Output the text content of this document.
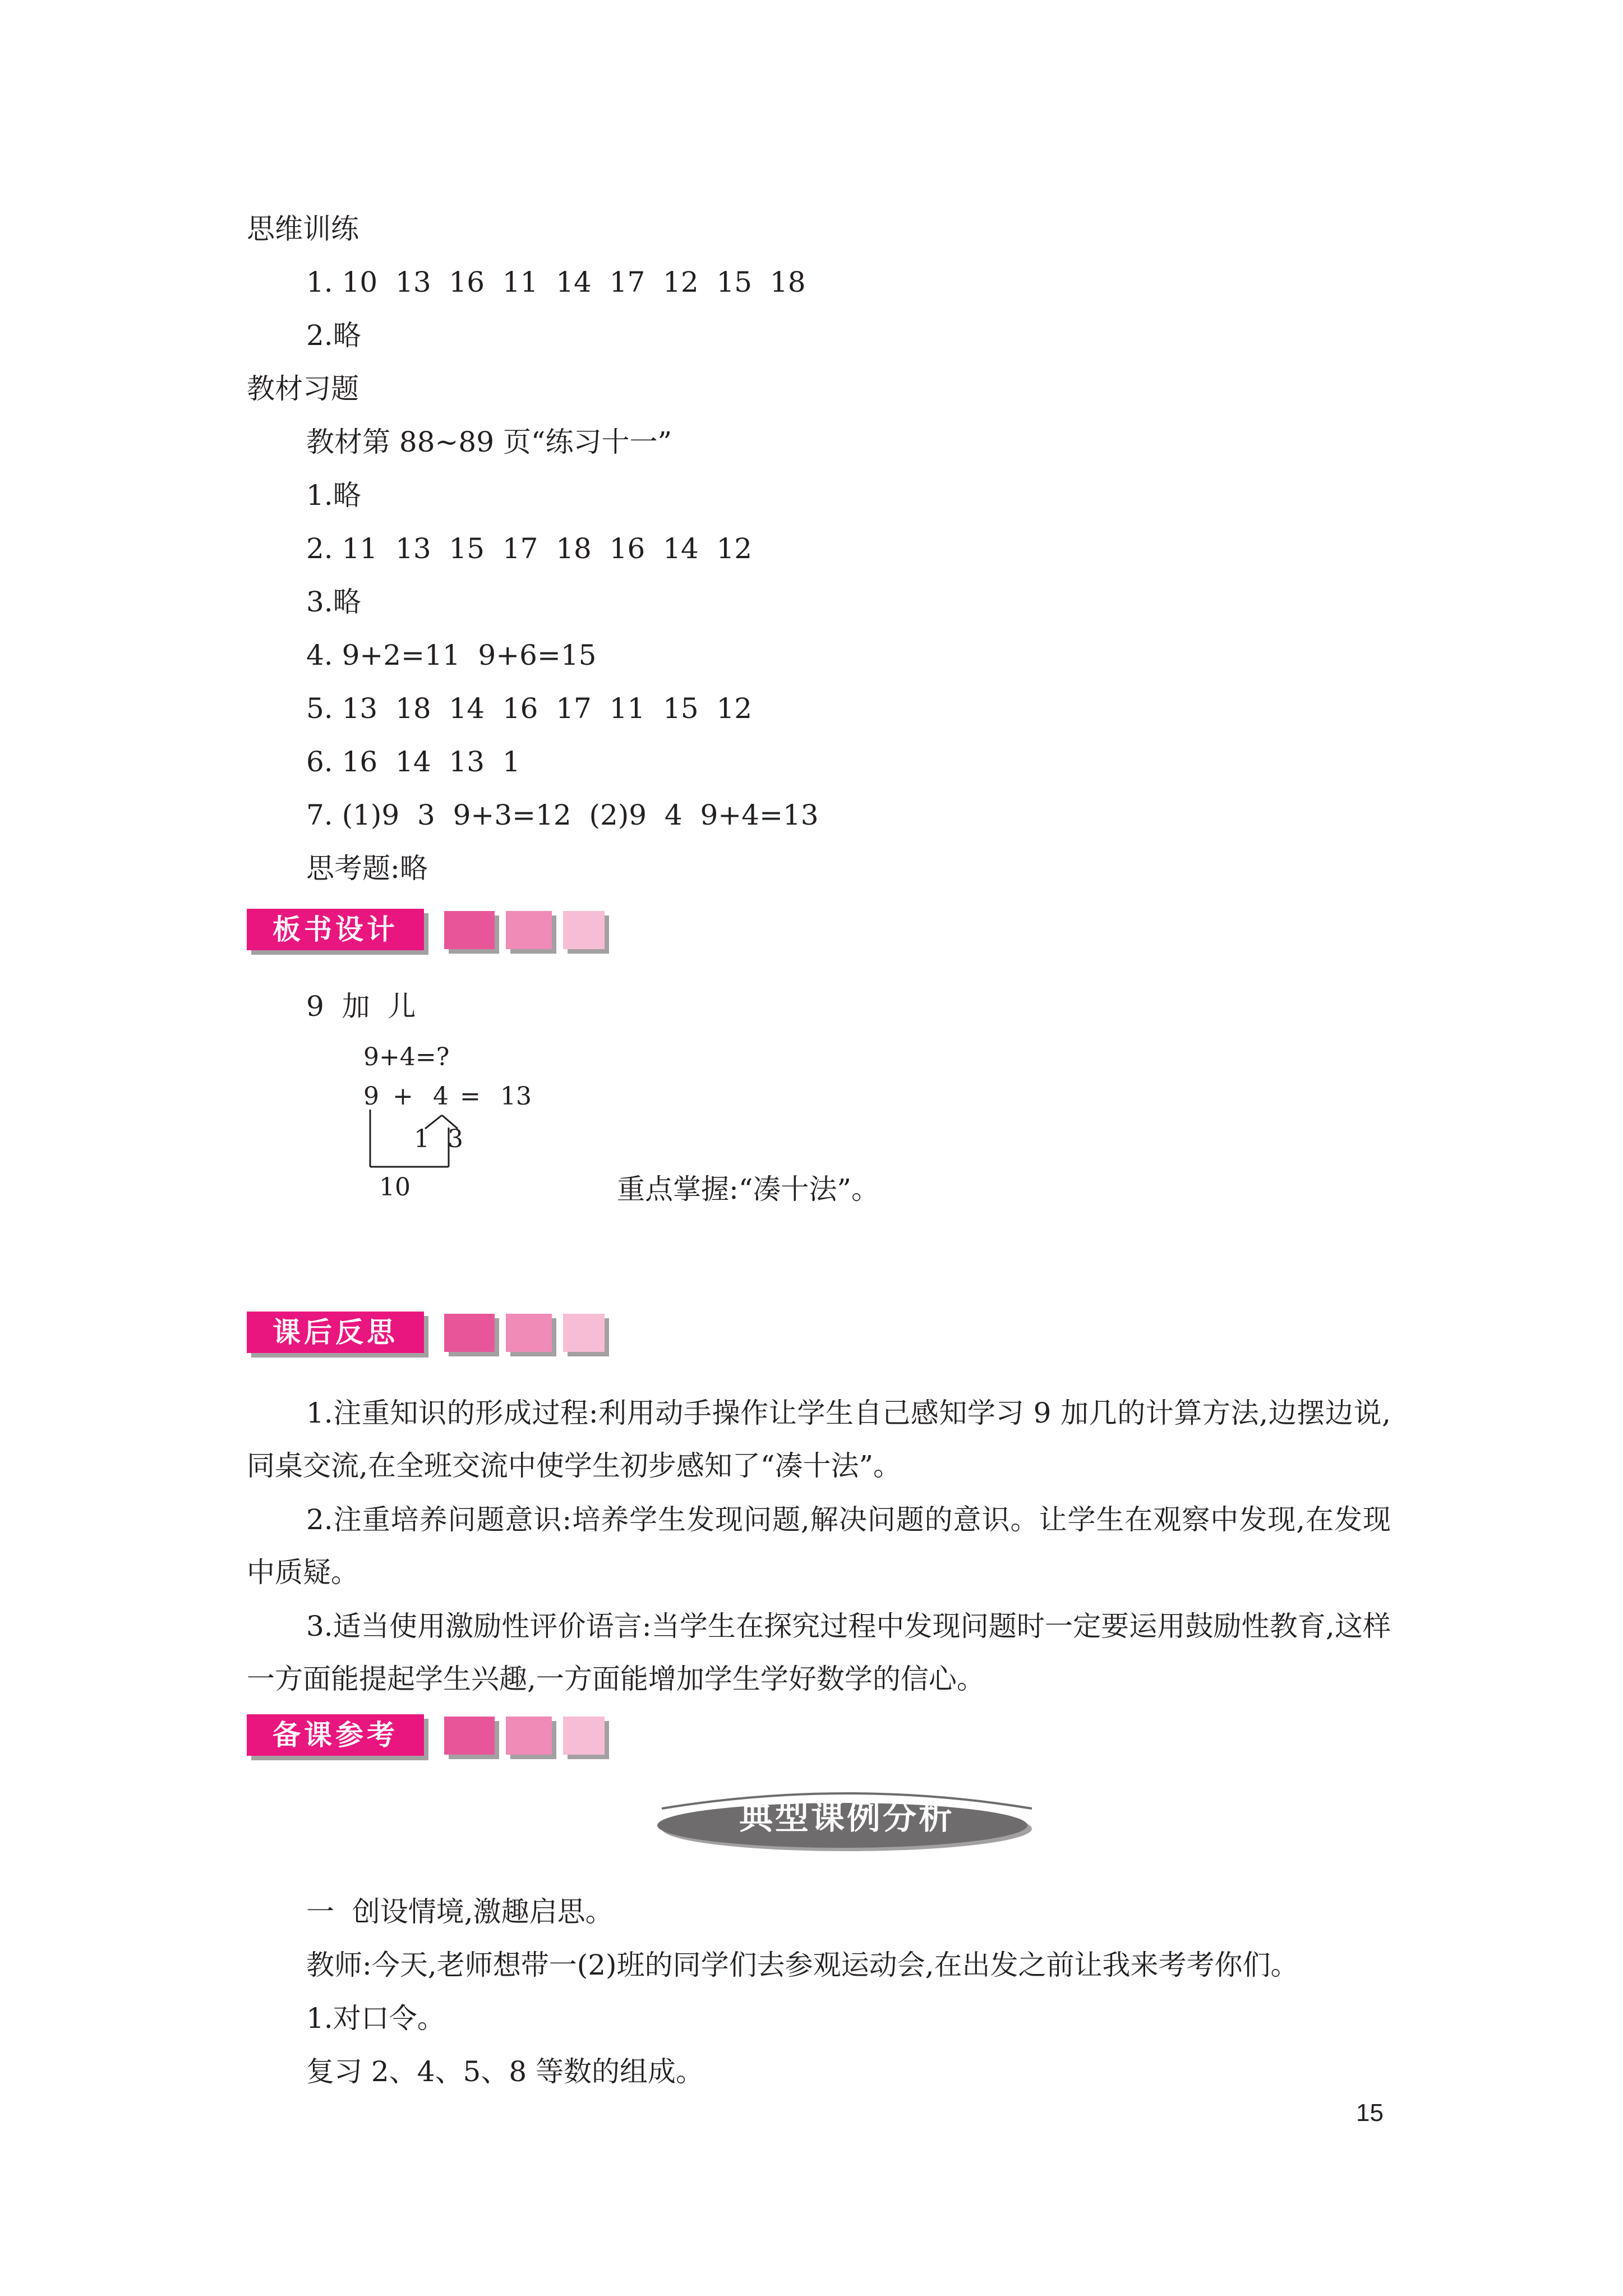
思维训练

1. 10  13  16  11  14  17  12  15  18

2.略

教材习题

教材第 88~89 页“练习十一”

1.略

2. 11  13  15  17  18  16  14  12

3.略

4. 9+2=11  9+6=15

5. 13  18  14  16  17  11  15  12

6. 16  14  13  1

7. (1)9  3  9+3=12  (2)9  4  9+4=13

思考题:略

板书设计

9  加  儿

9+4=?
9 + 4 = 13
1 3
10	重点掌握:“凑十法”。

课后反思

1.注重知识的形成过程:利用动手操作让学生自己感知学习 9 加几的计算方法,边摆边说,同桌交流,在全班交流中使学生初步感知了“凑十法”。

2.注重培养问题意识:培养学生发现问题,解决问题的意识。让学生在观察中发现,在发现中质疑。

3.适当使用激励性评价语言:当学生在探究过程中发现问题时一定要运用鼓励性教育,这样一方面能提起学生兴趣,一方面能增加学生学好数学的信心。

备课参考
典型课例分析

一  创设情境,激趣启思。

教师:今天,老师想带一(2)班的同学们去参观运动会,在出发之前让我来考考你们。

1.对口令。

复习 2、4、5、8 等数的组成。

15
